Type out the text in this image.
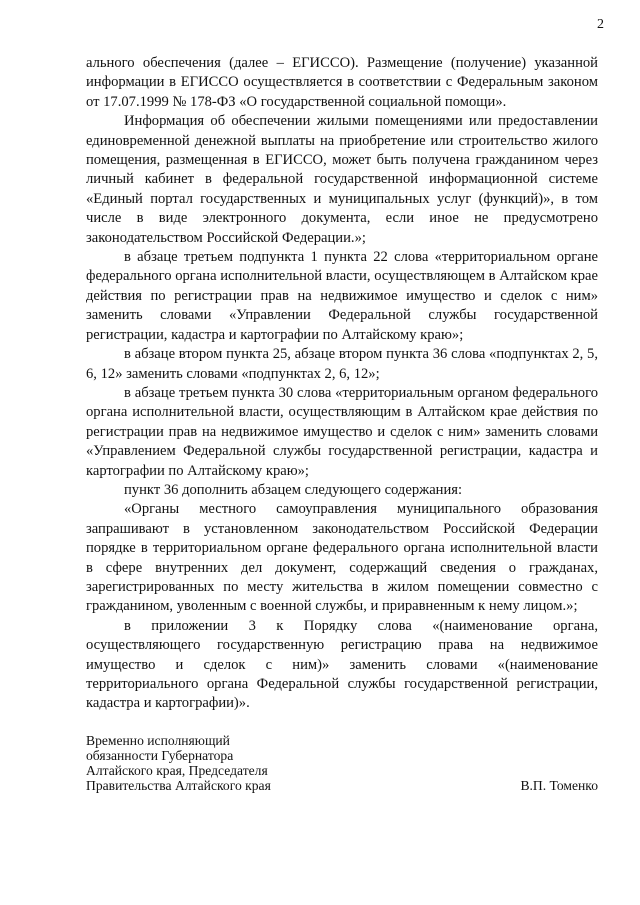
2

ального обеспечения (далее – ЕГИССО). Размещение (получение) указанной информации в ЕГИССО осуществляется в соответствии с Федеральным законом от 17.07.1999 № 178-ФЗ «О государственной социальной помощи».

Информация об обеспечении жилыми помещениями или предоставлении единовременной денежной выплаты на приобретение или строительство жилого помещения, размещенная в ЕГИССО, может быть получена гражданином через личный кабинет в федеральной государственной информационной системе «Единый портал государственных и муниципальных услуг (функций)», в том числе в виде электронного документа, если иное не предусмотрено законодательством Российской Федерации.»;

в абзаце третьем подпункта 1 пункта 22 слова «территориальном органе федерального органа исполнительной власти, осуществляющем в Алтайском крае действия по регистрации прав на недвижимое имущество и сделок с ним» заменить словами «Управлении Федеральной службы государственной регистрации, кадастра и картографии по Алтайскому краю»;

в абзаце втором пункта 25, абзаце втором пункта 36 слова «подпунктах 2, 5, 6, 12» заменить словами «подпунктах 2, 6, 12»;

в абзаце третьем пункта 30 слова «территориальным органом федерального органа исполнительной власти, осуществляющим в Алтайском крае действия по регистрации прав на недвижимое имущество и сделок с ним» заменить словами «Управлением Федеральной службы государственной регистрации, кадастра и картографии по Алтайскому краю»;

пункт 36 дополнить абзацем следующего содержания:

«Органы местного самоуправления муниципального образования запрашивают в установленном законодательством Российской Федерации порядке в территориальном органе федерального органа исполнительной власти в сфере внутренних дел документ, содержащий сведения о гражданах, зарегистрированных по месту жительства в жилом помещении совместно с гражданином, уволенным с военной службы, и приравненным к нему лицом.»;

в приложении 3 к Порядку слова «(наименование органа, осуществляющего государственную регистрацию права на недвижимое имущество и сделок с ним)» заменить словами «(наименование территориального органа Федеральной службы государственной регистрации, кадастра и картографии)».

Временно исполняющий
обязанности Губернатора
Алтайского края, Председателя
Правительства Алтайского края	В.П. Томенко
